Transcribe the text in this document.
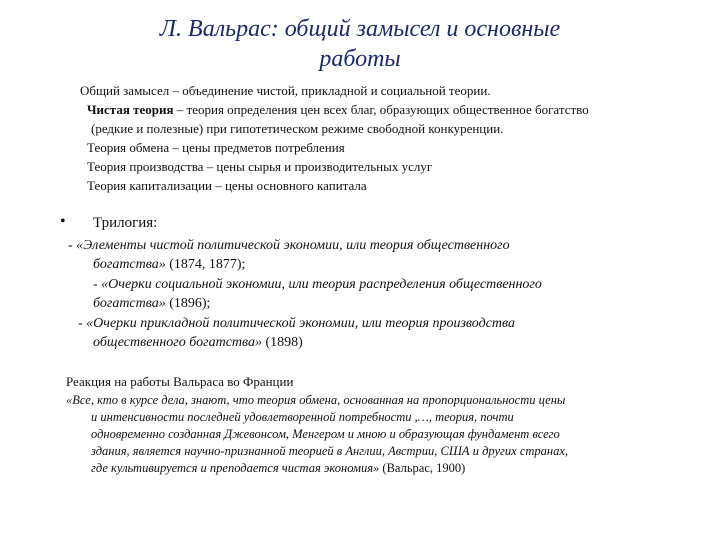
Л. Вальрас: общий замысел и основные
работы
Общий замысел – объединение чистой, прикладной и социальной теории.
Чистая теория – теория определения цен всех благ, образующих общественное богатство
(редкие и полезные) при гипотетическом режиме свободной конкуренции.
Теория обмена – цены предметов потребления
Теория производства – цены сырья и производительных услуг
Теория капитализации – цены основного капитала
• Трилогия:
- «Элементы чистой политической экономии, или теория общественного
богатства» (1874, 1877);
- «Очерки социальной экономии, или теория распределения общественного
богатства» (1896);
- «Очерки прикладной политической экономии, или теория производства
общественного богатства» (1898)
Реакция на работы Вальраса во Франции
«Все, кто в курсе дела, знают, что теория обмена, основанная на пропорциональности цены
и интенсивности последней удовлетворенной потребности ,…, теория, почти
одновременно созданная Джевонсом, Менгером и мною и образующая фундамент всего
здания, является научно-признанной теорией в Англии, Австрии, США и других странах,
где культивируется и преподается чистая экономия» (Вальрас, 1900)
